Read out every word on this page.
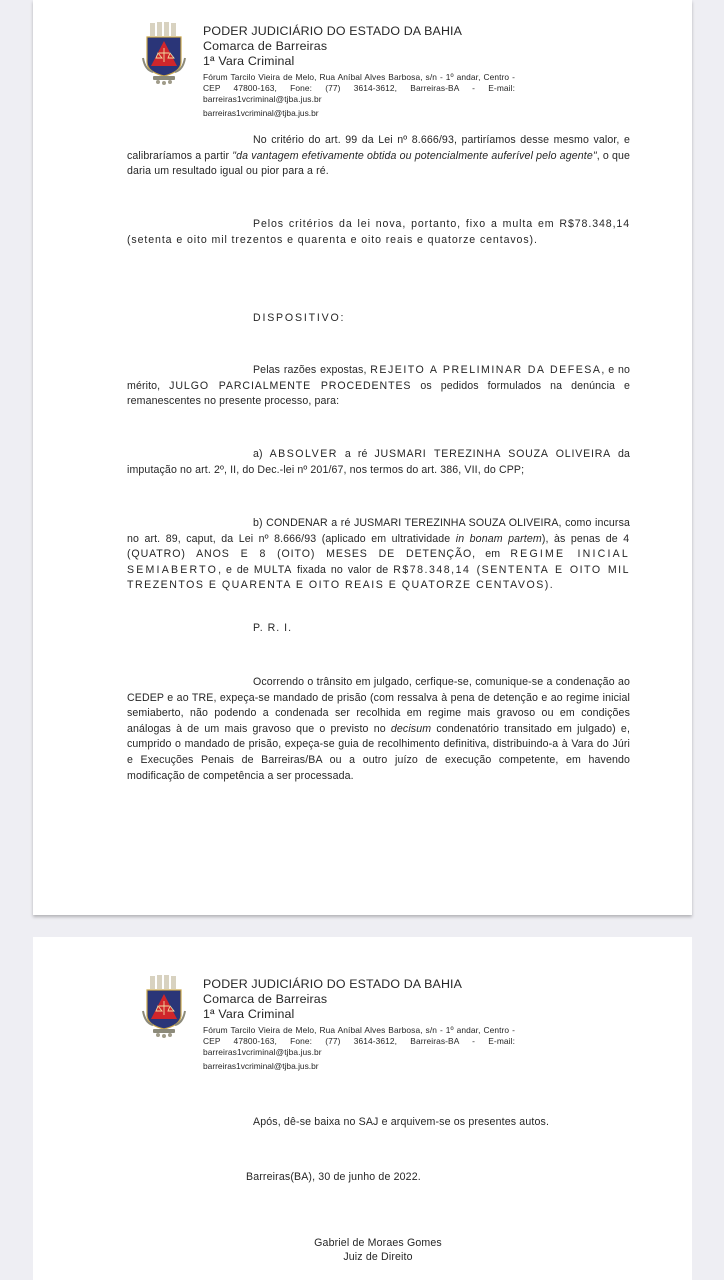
PODER JUDICIÁRIO DO ESTADO DA BAHIA
Comarca de Barreiras
1ª Vara Criminal
Fórum Tarcilo Vieira de Melo, Rua Aníbal Alves Barbosa, s/n - 1º andar, Centro - CEP 47800-163, Fone: (77) 3614-3612, Barreiras-BA - E-mail: barreiras1vcriminal@tjba.jus.br
barreiras1vcriminal@tjba.jus.br

No critério do art. 99 da Lei nº 8.666/93, partiríamos desse mesmo valor, e calibraríamos a partir "da vantagem efetivamente obtida ou potencialmente auferível pelo agente", o que daria um resultado igual ou pior para a ré.

Pelos critérios da lei nova, portanto, fixo a multa em R$78.348,14 (setenta e oito mil trezentos e quarenta e oito reais e quatorze centavos).

DISPOSITIVO:

Pelas razões expostas, REJEITO A PRELIMINAR DA DEFESA, e no mérito, JULGO PARCIALMENTE PROCEDENTES os pedidos formulados na denúncia e remanescentes no presente processo, para:

a) ABSOLVER a ré JUSMARI TEREZINHA SOUZA OLIVEIRA da imputação no art. 2º, II, do Dec.-lei nº 201/67, nos termos do art. 386, VII, do CPP;

b) CONDENAR a ré JUSMARI TEREZINHA SOUZA OLIVEIRA, como incursa no art. 89, caput, da Lei nº 8.666/93 (aplicado em ultratividade in bonam partem), às penas de 4 (QUATRO) ANOS E 8 (OITO) MESES DE DETENÇÃO, em REGIME INICIAL SEMIABERTO, e de MULTA fixada no valor de R$78.348,14 (SENTENTA E OITO MIL TREZENTOS E QUARENTA E OITO REAIS E QUATORZE CENTAVOS).

P. R. I.

Ocorrendo o trânsito em julgado, cerfique-se, comunique-se a condenação ao CEDEP e ao TRE, expeça-se mandado de prisão (com ressalva à pena de detenção e ao regime inicial semiaberto, não podendo a condenada ser recolhida em regime mais gravoso ou em condições análogas à de um mais gravoso que o previsto no decisum condenatório transitado em julgado) e, cumprido o mandado de prisão, expeça-se guia de recolhimento definitiva, distribuindo-a à Vara do Júri e Execuções Penais de Barreiras/BA ou a outro juízo de execução competente, em havendo modificação de competência a ser processada.

PODER JUDICIÁRIO DO ESTADO DA BAHIA
Comarca de Barreiras
1ª Vara Criminal
Fórum Tarcilo Vieira de Melo, Rua Aníbal Alves Barbosa, s/n - 1º andar, Centro - CEP 47800-163, Fone: (77) 3614-3612, Barreiras-BA - E-mail: barreiras1vcriminal@tjba.jus.br
barreiras1vcriminal@tjba.jus.br
Após, dê-se baixa no SAJ e arquivem-se os presentes autos.
Barreiras(BA), 30 de junho de 2022.
Gabriel de Moraes Gomes
Juiz de Direito
